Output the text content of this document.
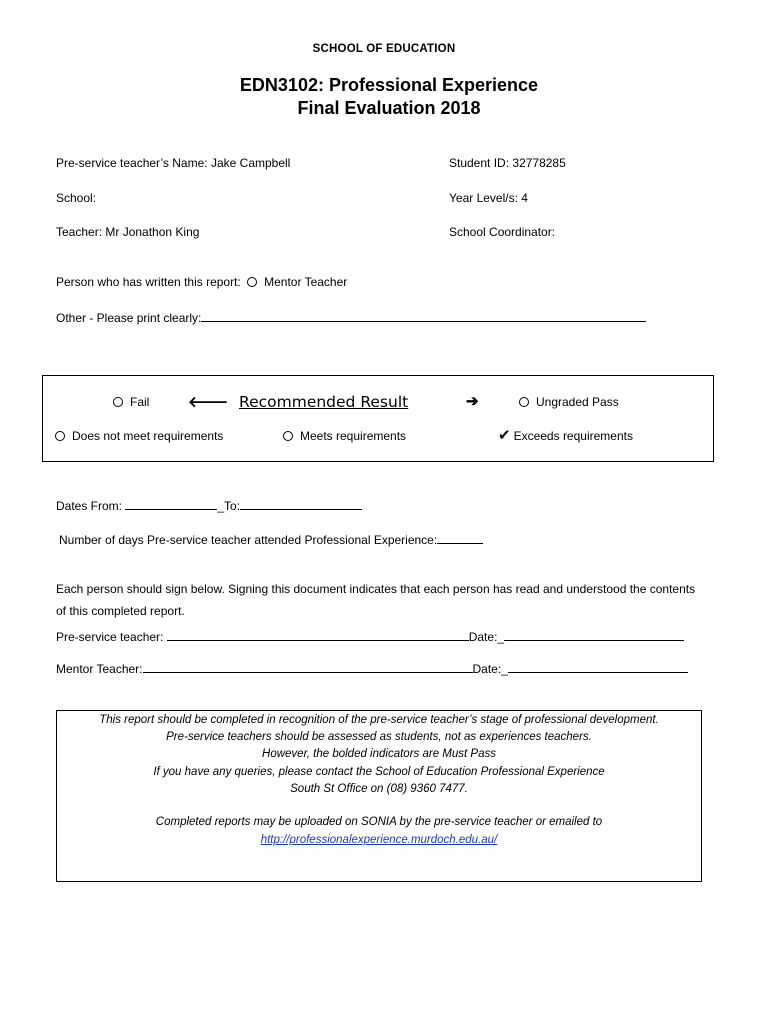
SCHOOL OF EDUCATION
EDN3102: Professional Experience
Final Evaluation 2018
Pre-service teacher’s Name: Jake Campbell	Student ID: 32778285
School:	Year Level/s: 4
Teacher: Mr Jonathon King	School Coordinator:
Person who has written this report: Mentor Teacher
Other - Please print clearly:
Fail	🡐 Recommended Result	➔	Ungraded Pass
Does not meet requirements	Meets requirements	✔ Exceeds requirements
Dates From:	_To:
Number of days Pre-service teacher attended Professional Experience:
Each person should sign below. Signing this document indicates that each person has read and understood the contents
of this completed report.
Pre-service teacher:	Date:_
Mentor Teacher:	Date:_
This report should be completed in recognition of the pre-service teacher’s stage of professional development.
Pre-service teachers should be assessed as students, not as experiences teachers.
However, the bolded indicators are Must Pass
If you have any queries, please contact the School of Education Professional Experience
South St Office on (08) 9360 7477.
Completed reports may be uploaded on SONIA by the pre-service teacher or emailed to
http://professionalexperience.murdoch.edu.au/
